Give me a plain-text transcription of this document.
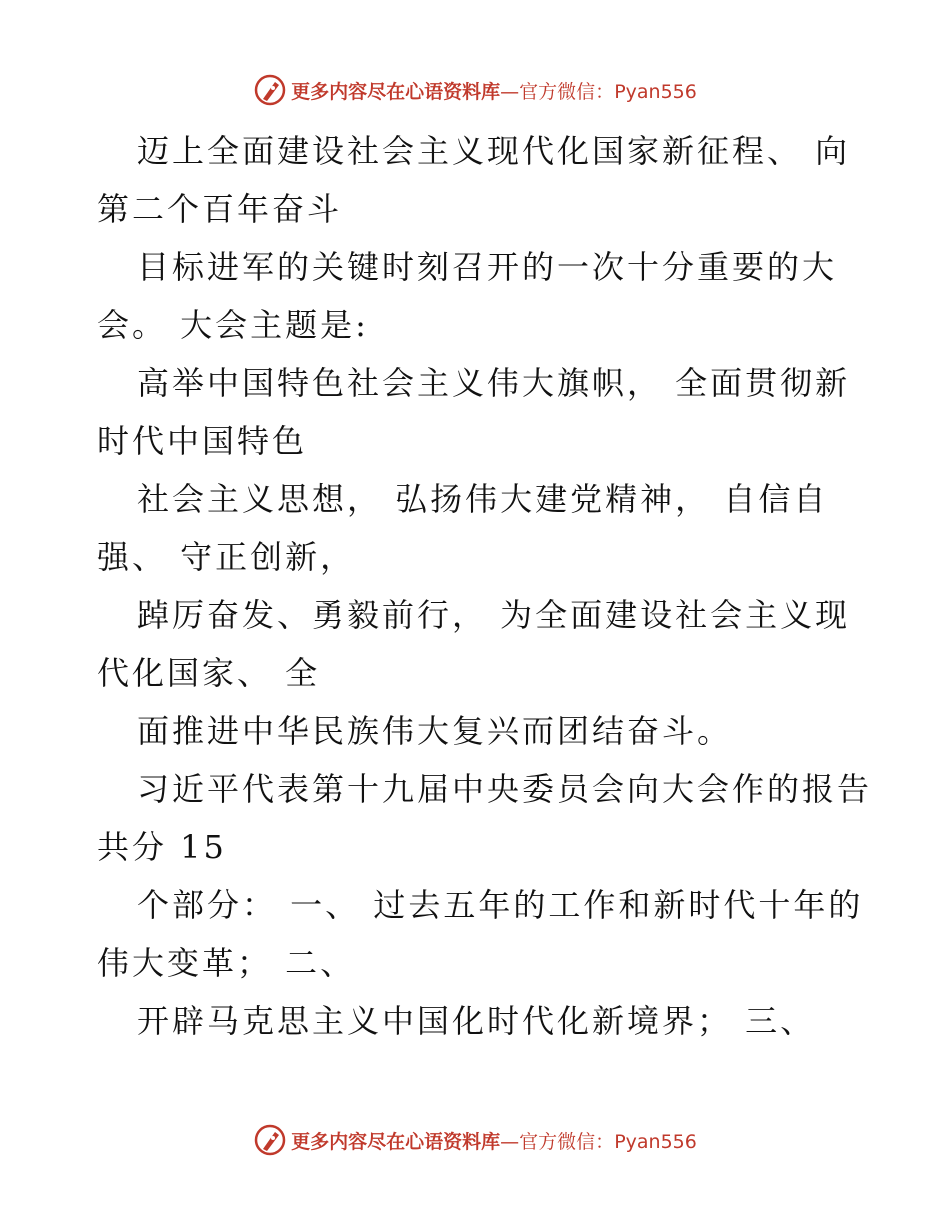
更多内容尽在心语资料库—官方微信：Pyan556
迈上全面建设社会主义现代化国家新征程、 向
第二个百年奋斗
目标进军的关键时刻召开的一次十分重要的大
会。 大会主题是:
高举中国特色社会主义伟大旗帜， 全面贯彻新
时代中国特色
社会主义思想， 弘扬伟大建党精神， 自信自
强、 守正创新，
踔厉奋发、勇毅前行， 为全面建设社会主义现
代化国家、 全
面推进中华民族伟大复兴而团结奋斗。
习近平代表第十九届中央委员会向大会作的报告
共分 15
个部分： 一、 过去五年的工作和新时代十年的
伟大变革； 二、
开辟马克思主义中国化时代化新境界； 三、
更多内容尽在心语资料库—官方微信：Pyan556
